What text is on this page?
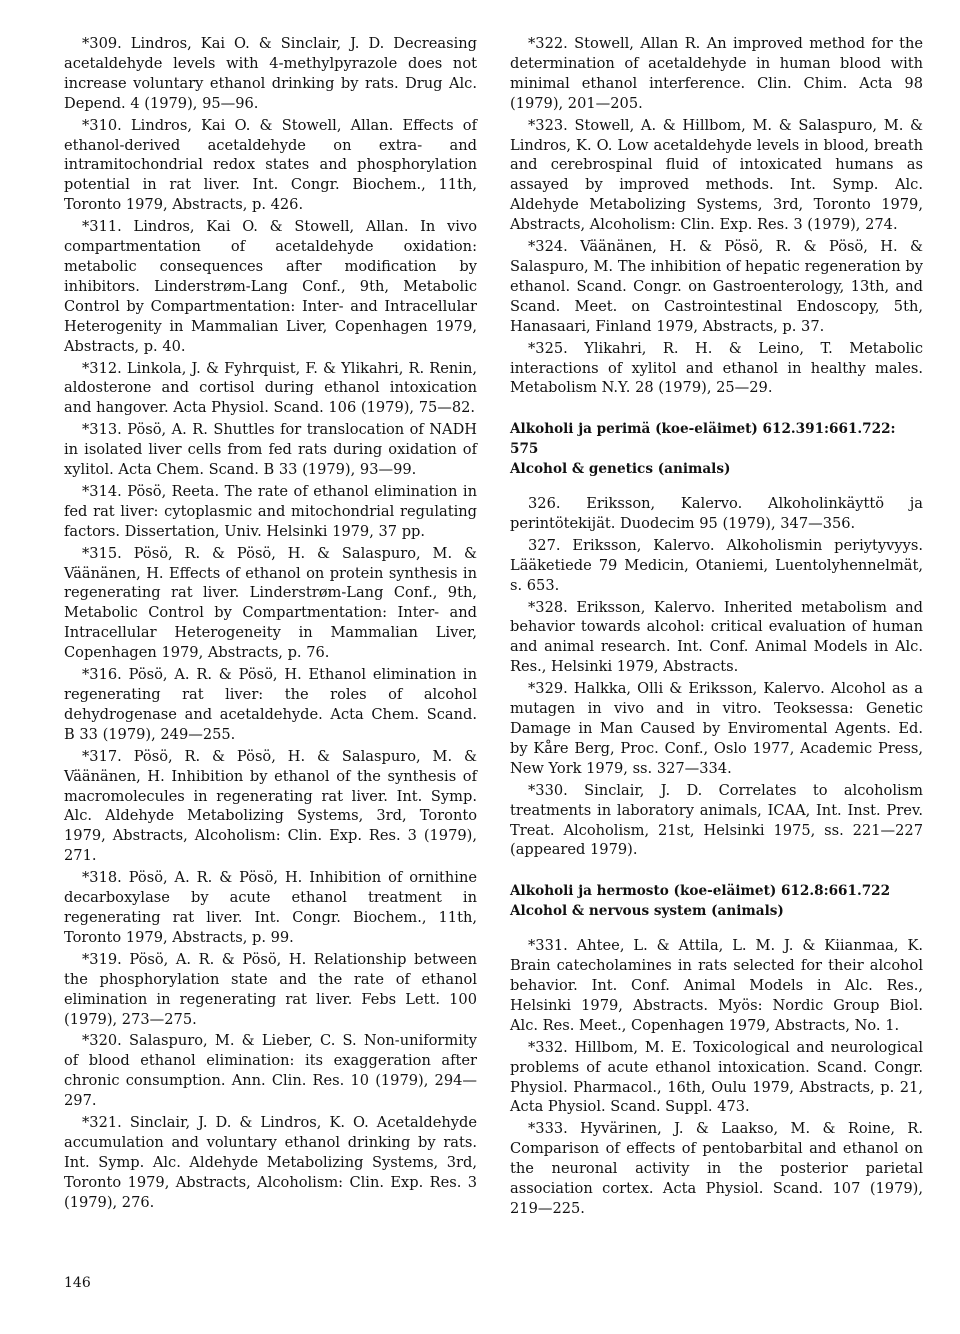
*309. Lindros, Kai O. & Sinclair, J. D. Decreasing acetaldehyde levels with 4-methylpyrazole does not increase voluntary ethanol drinking by rats. Drug Alc. Depend. 4 (1979), 95—96.

*310. Lindros, Kai O. & Stowell, Allan. Effects of ethanol-derived acetaldehyde on extra- and intramitochondrial redox states and phosphorylation potential in rat liver. Int. Congr. Biochem., 11th, Toronto 1979, Abstracts, p. 426.

*311. Lindros, Kai O. & Stowell, Allan. In vivo compartmentation of acetaldehyde oxidation: metabolic consequences after modification by inhibitors. Linderstrøm-Lang Conf., 9th, Metabolic Control by Compartmentation: Inter- and Intracellular Heterogenity in Mammalian Liver, Copenhagen 1979, Abstracts, p. 40.

*312. Linkola, J. & Fyhrquist, F. & Ylikahri, R. Renin, aldosterone and cortisol during ethanol intoxication and hangover. Acta Physiol. Scand. 106 (1979), 75—82.

*313. Pösö, A. R. Shuttles for translocation of NADH in isolated liver cells from fed rats during oxidation of xylitol. Acta Chem. Scand. B 33 (1979), 93—99.

*314. Pösö, Reeta. The rate of ethanol elimination in fed rat liver: cytoplasmic and mitochondrial regulating factors. Dissertation, Univ. Helsinki 1979, 37 pp.

*315. Pösö, R. & Pösö, H. & Salaspuro, M. & Väänänen, H. Effects of ethanol on protein synthesis in regenerating rat liver. Linderstrøm-Lang Conf., 9th, Metabolic Control by Compartmentation: Inter- and Intracellular Heterogeneity in Mammalian Liver, Copenhagen 1979, Abstracts, p. 76.

*316. Pösö, A. R. & Pösö, H. Ethanol elimination in regenerating rat liver: the roles of alcohol dehydrogenase and acetaldehyde. Acta Chem. Scand. B 33 (1979), 249—255.

*317. Pösö, R. & Pösö, H. & Salaspuro, M. & Väänänen, H. Inhibition by ethanol of the synthesis of macromolecules in regenerating rat liver. Int. Symp. Alc. Aldehyde Metabolizing Systems, 3rd, Toronto 1979, Abstracts, Alcoholism: Clin. Exp. Res. 3 (1979), 271.

*318. Pösö, A. R. & Pösö, H. Inhibition of ornithine decarboxylase by acute ethanol treatment in regenerating rat liver. Int. Congr. Biochem., 11th, Toronto 1979, Abstracts, p. 99.

*319. Pösö, A. R. & Pösö, H. Relationship between the phosphorylation state and the rate of ethanol elimination in regenerating rat liver. Febs Lett. 100 (1979), 273—275.

*320. Salaspuro, M. & Lieber, C. S. Non-uniformity of blood ethanol elimination: its exaggeration after chronic consumption. Ann. Clin. Res. 10 (1979), 294—297.

*321. Sinclair, J. D. & Lindros, K. O. Acetaldehyde accumulation and voluntary ethanol drinking by rats. Int. Symp. Alc. Aldehyde Metabolizing Systems, 3rd, Toronto 1979, Abstracts, Alcoholism: Clin. Exp. Res. 3 (1979), 276.

*322. Stowell, Allan R. An improved method for the determination of acetaldehyde in human blood with minimal ethanol interference. Clin. Chim. Acta 98 (1979), 201—205.

*323. Stowell, A. & Hillbom, M. & Salaspuro, M. & Lindros, K. O. Low acetaldehyde levels in blood, breath and cerebrospinal fluid of intoxicated humans as assayed by improved methods. Int. Symp. Alc. Aldehyde Metabolizing Systems, 3rd, Toronto 1979, Abstracts, Alcoholism: Clin. Exp. Res. 3 (1979), 274.

*324. Väänänen, H. & Pösö, R. & Pösö, H. & Salaspuro, M. The inhibition of hepatic regeneration by ethanol. Scand. Congr. on Gastroenterology, 13th, and Scand. Meet. on Castrointestinal Endoscopy, 5th, Hanasaari, Finland 1979, Abstracts, p. 37.

*325. Ylikahri, R. H. & Leino, T. Metabolic interactions of xylitol and ethanol in healthy males. Metabolism N.Y. 28 (1979), 25—29.

Alkoholi ja perimä (koe-eläimet) 612.391:661.722: 575

Alcohol & genetics (animals)

326. Eriksson, Kalervo. Alkoholinkäyttö ja perintötekijät. Duodecim 95 (1979), 347—356.

327. Eriksson, Kalervo. Alkoholismin periytyvyys. Lääketiede 79 Medicin, Otaniemi, Luentolyhennelmät, s. 653.

*328. Eriksson, Kalervo. Inherited metabolism and behavior towards alcohol: critical evaluation of human and animal research. Int. Conf. Animal Models in Alc. Res., Helsinki 1979, Abstracts.

*329. Halkka, Olli & Eriksson, Kalervo. Alcohol as a mutagen in vivo and in vitro. Teoksessa: Genetic Damage in Man Caused by Enviromental Agents. Ed. by Kåre Berg, Proc. Conf., Oslo 1977, Academic Press, New York 1979, ss. 327—334.

*330. Sinclair, J. D. Correlates to alcoholism treatments in laboratory animals, ICAA, Int. Inst. Prev. Treat. Alcoholism, 21st, Helsinki 1975, ss. 221—227 (appeared 1979).

Alkoholi ja hermosto (koe-eläimet) 612.8:661.722

Alcohol & nervous system (animals)

*331. Ahtee, L. & Attila, L. M. J. & Kiianmaa, K. Brain catecholamines in rats selected for their alcohol behavior. Int. Conf. Animal Models in Alc. Res., Helsinki 1979, Abstracts. Myös: Nordic Group Biol. Alc. Res. Meet., Copenhagen 1979, Abstracts, No. 1.

*332. Hillbom, M. E. Toxicological and neurological problems of acute ethanol intoxication. Scand. Congr. Physiol. Pharmacol., 16th, Oulu 1979, Abstracts, p. 21, Acta Physiol. Scand. Suppl. 473.

*333. Hyvärinen, J. & Laakso, M. & Roine, R. Comparison of effects of pentobarbital and ethanol on the neuronal activity in the posterior parietal association cortex. Acta Physiol. Scand. 107 (1979), 219—225.

146
